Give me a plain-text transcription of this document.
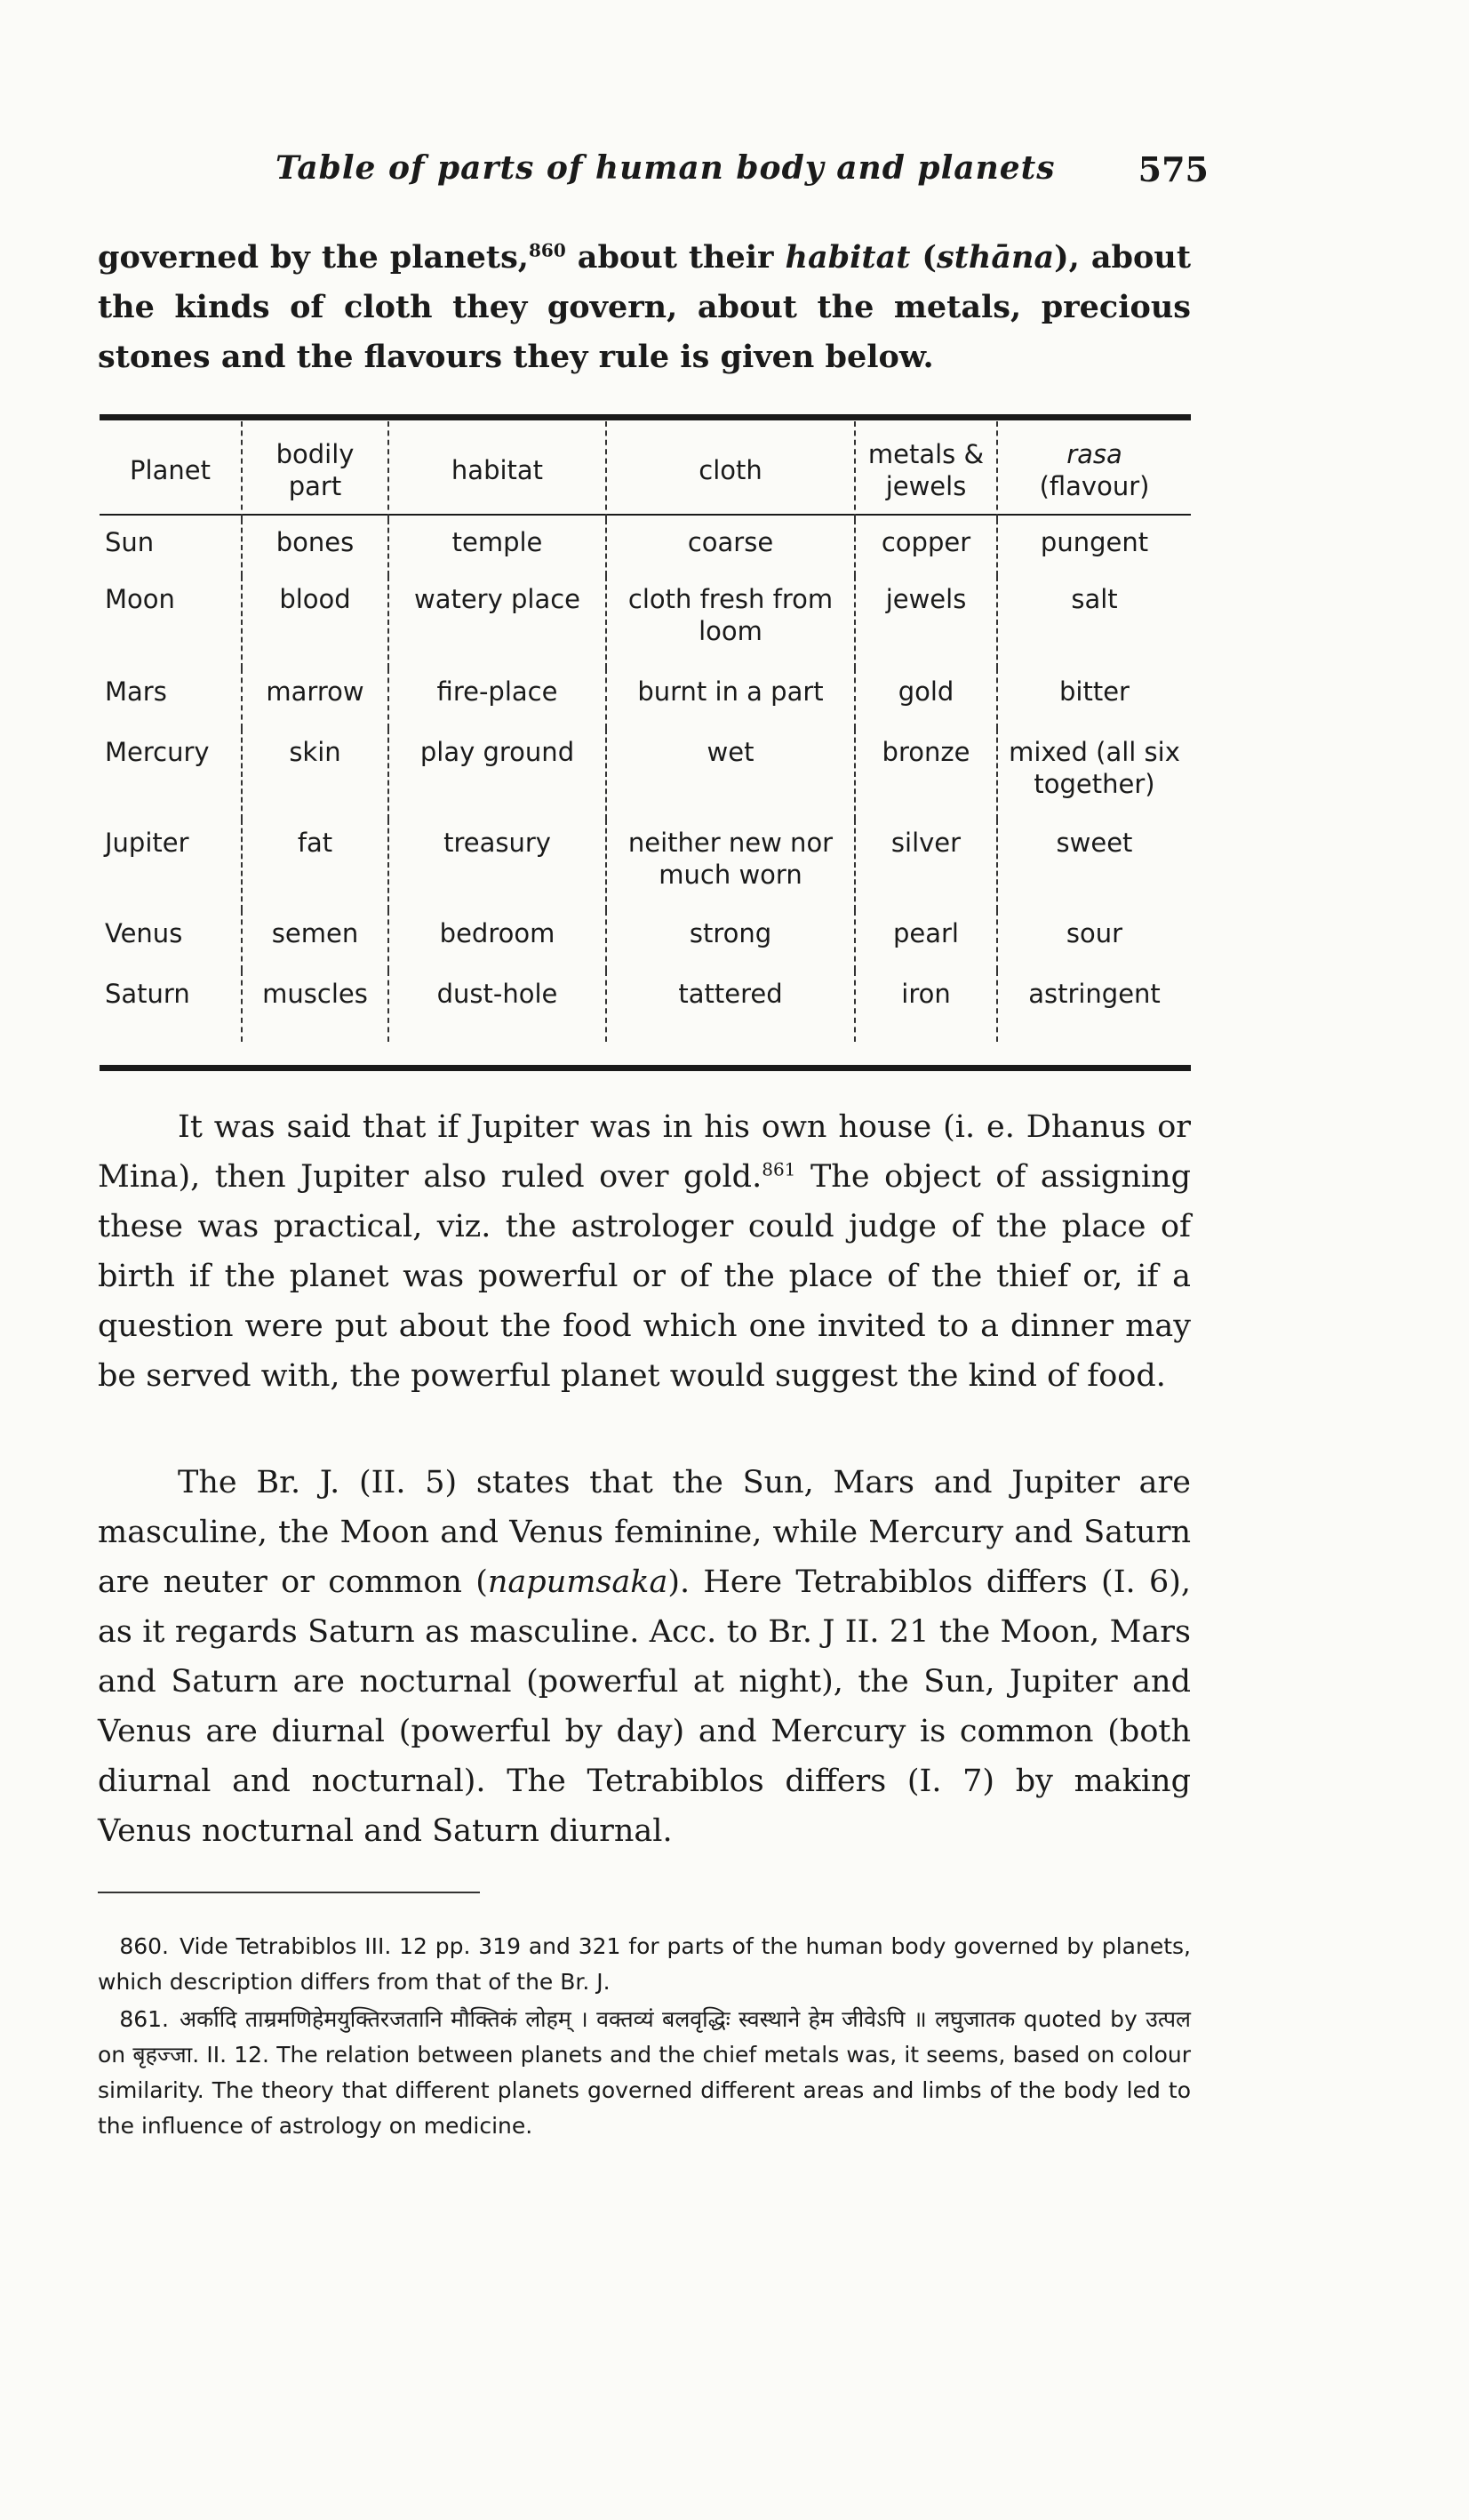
Table of parts of human body and planets 575
governed by the planets,$^{860}$ about their habitat (sthāna), about the kinds of cloth they govern, about the metals, precious stones and the flavours they rule is given below.
Planet	bodily part	habitat	cloth	metals & jewels	rasa
(flavour)
Sun	bones	temple	coarse	copper	pungent
Moon	blood	watery place	cloth fresh from loom	jewels	salt
Mars	marrow	fire-place	burnt in a part	gold	bitter
Mercury	skin	play ground	wet	bronze	mixed (all six together)
Jupiter	fat	treasury	neither new nor much worn	silver	sweet
Venus	semen	bedroom	strong	pearl	sour
Saturn	muscles	dust-hole	tattered	iron	astringent
It was said that if Jupiter was in his own house (i. e. Dhanus or Mina), then Jupiter also ruled over gold.$^{861}$ The object of assigning these was practical, viz. the astrologer could judge of the place of birth if the planet was powerful or of the place of the thief or, if a question were put about the food which one invited to a dinner may be served with, the powerful planet would suggest the kind of food.
The Br. J. (II. 5) states that the Sun, Mars and Jupiter are masculine, the Moon and Venus feminine, while Mercury and Saturn are neuter or common (napumsaka). Here Tetrabiblos differs (I. 6), as it regards Saturn as masculine. Acc. to Br. J II. 21 the Moon, Mars and Saturn are nocturnal (powerful at night), the Sun, Jupiter and Venus are diurnal (powerful by day) and Mercury is common (both diurnal and nocturnal). The Tetrabiblos differs (I. 7) by making Venus nocturnal and Saturn diurnal.

860. Vide Tetrabiblos III. 12 pp. 319 and 321 for parts of the human body governed by planets, which description differs from that of the Br. J.

861. अर्कादि ताम्रमणिहेमयुक्तिरजतानि मौक्तिकं लोहम् । वक्तव्यं बलवृद्धिः स्वस्थाने हेम जीवेऽपि ॥ लघुजातक quoted by उत्पल on बृहज्जा. II. 12. The relation between planets and the chief metals was, it seems, based on colour similarity. The theory that different planets governed different areas and limbs of the body led to the influence of astrology on medicine.
